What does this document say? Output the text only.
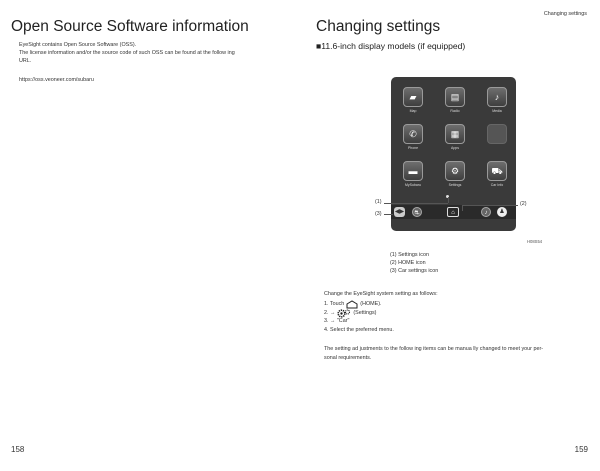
Changing settings
Open Source Software information
EyeSight contains Open Source Software (OSS).
The license information and/or the source code of such OSS can be found at the follow ing
URL.
https://oss.veoneer.com/subaru
158
Changing settings
■11.6-inch display models (if equipped)
▰
Map
▤
Radio
♪
Media
✆
Phone
▦
Apps
▬
MySubaru
⚙
Settings
⛟
Car Info
◀▶	⛐	⌂	♪	♟
(1)
(3)
(2)
H08S54
(1) Settings icon
(2) HOME icon
(3) Car settings icon
Change the EyeSight system setting as follows:
1. Touch	(HOME).
2. →	(Settings)
3. → "Car"
4. Select the preferred menu.
The setting ad justments to the follow ing items can be manua lly changed to meet your per-
sonal requirements.
159
